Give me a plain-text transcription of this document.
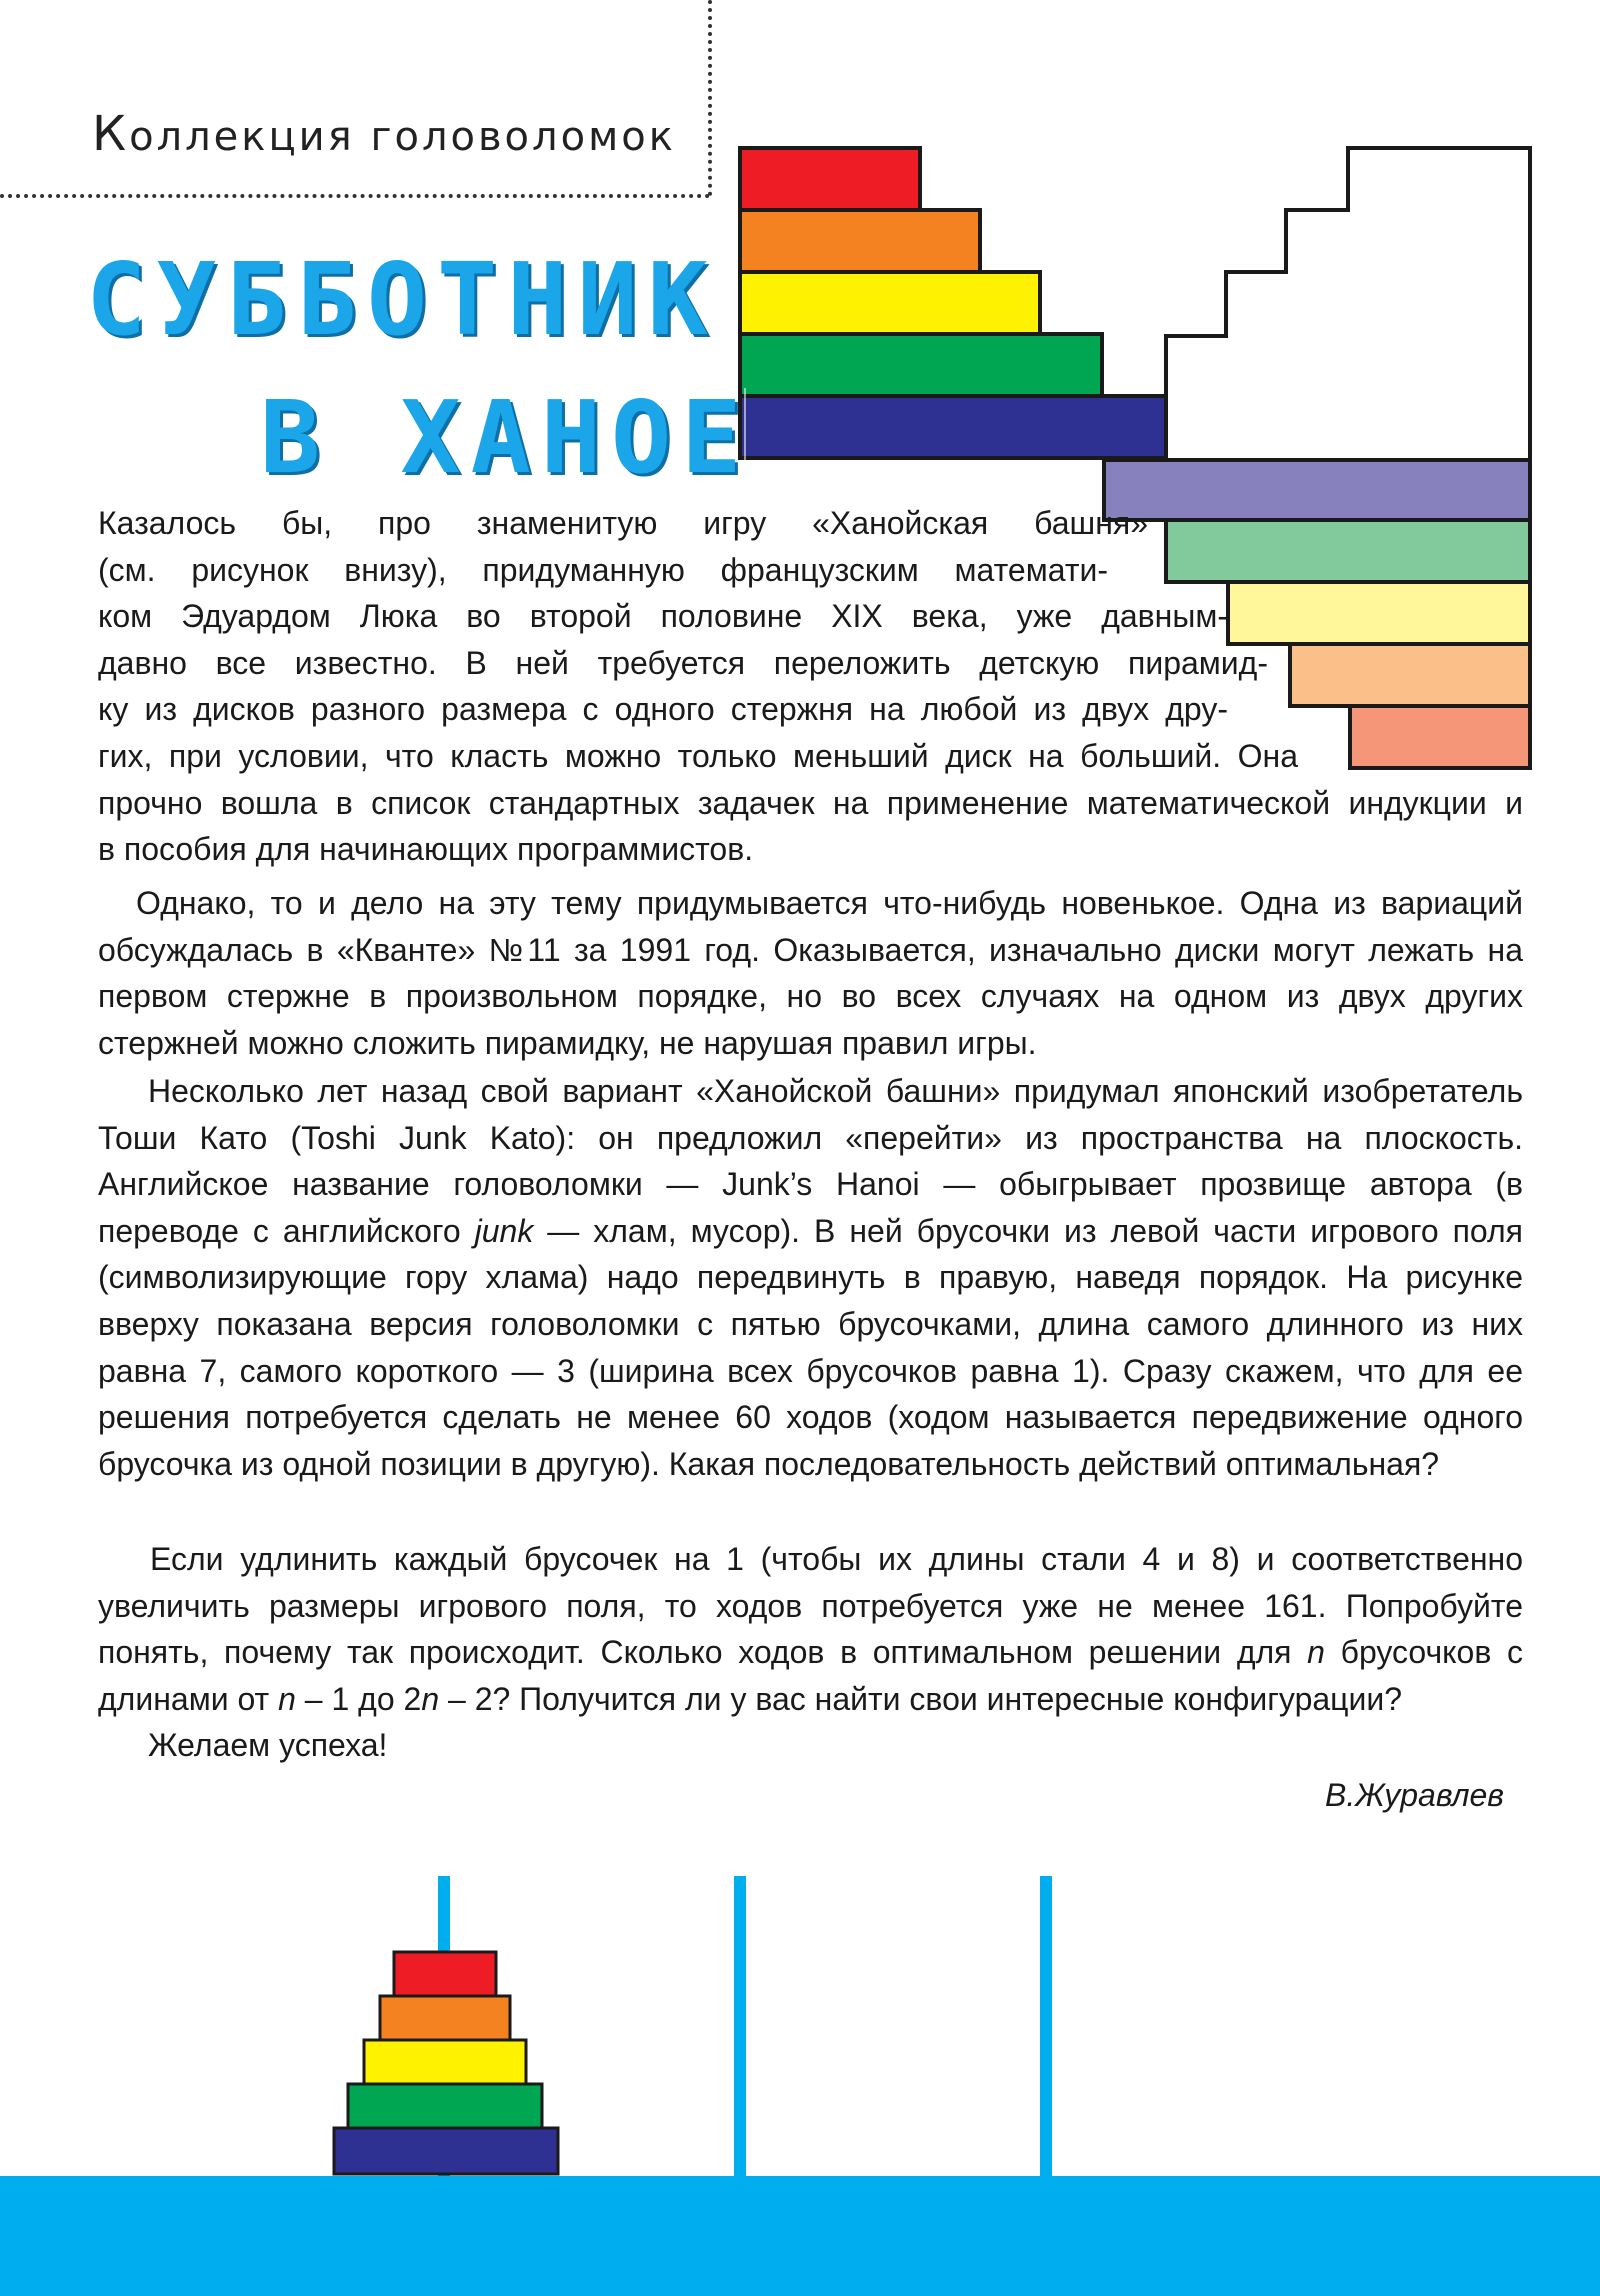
Коллекция головоломок
СУББОТНИК
В ХАНОЕ
Казалось бы, про знаменитую игру «Ханойская башня»
(см. рисунок внизу), придуманную французским математи-
ком Эдуардом Люка во второй половине XIX века, уже давным-
давно все известно. В ней требуется переложить детскую пирамид-
ку из дисков разного размера с одного стержня на любой из двух дру-
гих, при условии, что класть можно только меньший диск на больший. Она
прочно вошла в список стандартных задачек на применение математической индукции и
в пособия для начинающих программистов.
Однако, то и дело на эту тему придумывается что-нибудь новенькое. Одна из вариаций обсуждалась в «Кванте» №11 за 1991 год. Оказывается, изначально диски могут лежать на первом стержне в произвольном порядке, но во всех случаях на одном из двух других стержней можно сложить пирамидку, не нарушая правил игры.
Несколько лет назад свой вариант «Ханойской башни» придумал японский изобретатель Тоши Като (Toshi Junk Kato): он предложил «перейти» из пространства на плоскость. Английское название головоломки — Junk’s Hanoi — обыгрывает прозвище автора (в переводе с английского junk — хлам, мусор). В ней брусочки из левой части игрового поля (символизирующие гору хлама) надо передвинуть в правую, наведя порядок. На рисунке вверху показана версия головоломки с пятью брусочками, длина самого длинного из них равна 7, самого короткого — 3 (ширина всех брусочков равна 1). Сразу скажем, что для ее решения потребуется сделать не менее 60 ходов (ходом называется передвижение одного брусочка из одной позиции в другую). Какая последовательность действий оптимальная?
Если удлинить каждый брусочек на 1 (чтобы их длины стали 4 и 8) и соответственно увеличить размеры игрового поля, то ходов потребуется уже не менее 161. Попробуйте понять, почему так происходит. Сколько ходов в оптимальном решении для n брусочков с длинами от n – 1 до 2n – 2? Получится ли у вас найти свои интересные конфигурации?
Желаем успеха!
В.Журавлев
